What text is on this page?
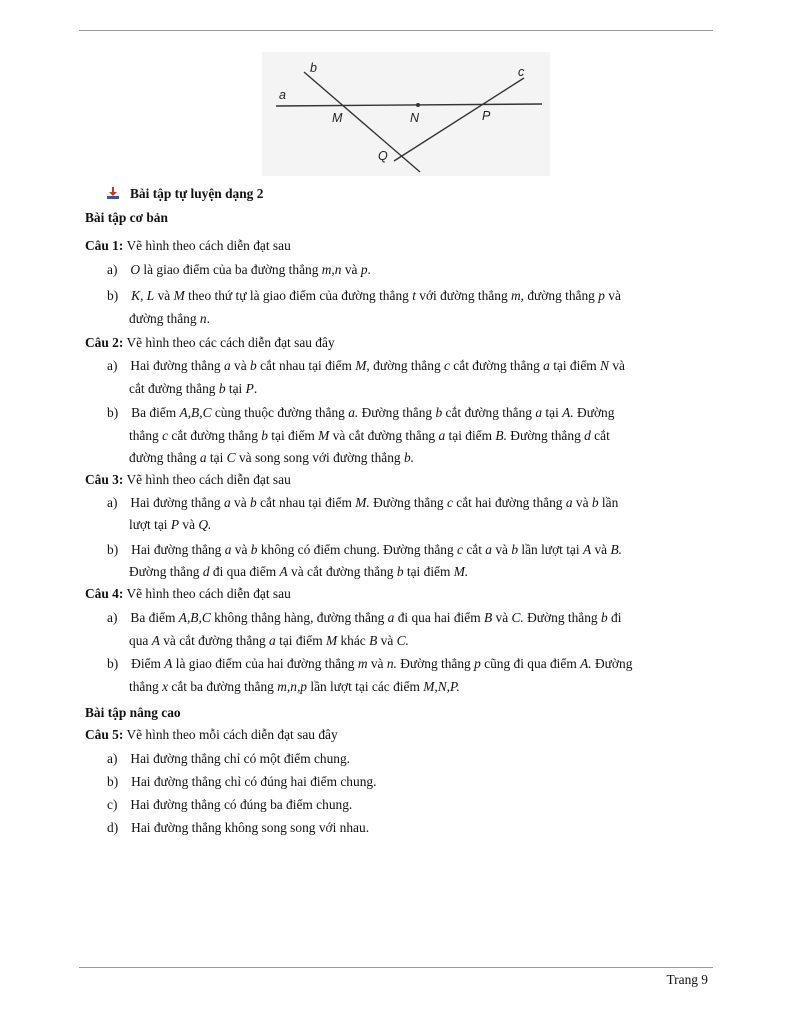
a
b	c
M	N	P
Q
Bài tập tự luyện dạng 2
Bài tập cơ bản
Câu 1: Vẽ hình theo cách diễn đạt sau
a) O là giao điểm của ba đường thẳng m,n và p.
b) K, L và M theo thứ tự là giao điểm của đường thẳng t với đường thẳng m, đường thẳng p và
đường thẳng n.
Câu 2: Vẽ hình theo các cách diễn đạt sau đây
a) Hai đường thẳng a và b cắt nhau tại điểm M, đường thẳng c cắt đường thẳng a tại điểm N và
cắt đường thẳng b tại P.
b) Ba điểm A,B,C cùng thuộc đường thẳng a. Đường thẳng b cắt đường thẳng a tại A. Đường
thẳng c cắt đường thẳng b tại điểm M và cắt đường thẳng a tại điểm B. Đường thẳng d cắt
đường thẳng a tại C và song song với đường thẳng b.
Câu 3: Vẽ hình theo cách diễn đạt sau
a) Hai đường thẳng a và b cắt nhau tại điểm M. Đường thẳng c cắt hai đường thẳng a và b lần
lượt tại P và Q.
b) Hai đường thẳng a và b không có điểm chung. Đường thẳng c cắt a và b lần lượt tại A và B.
Đường thẳng d đi qua điểm A và cắt đường thẳng b tại điểm M.
Câu 4: Vẽ hình theo cách diễn đạt sau
a) Ba điểm A,B,C không thẳng hàng, đường thẳng a đi qua hai điểm B và C. Đường thẳng b đi
qua A và cắt đường thẳng a tại điểm M khác B và C.
b) Điểm A là giao điểm của hai đường thẳng m và n. Đường thẳng p cũng đi qua điểm A. Đường
thẳng x cắt ba đường thẳng m,n,p lần lượt tại các điểm M,N,P.
Bài tập nâng cao
Câu 5: Vẽ hình theo mỗi cách diễn đạt sau đây
a) Hai đường thẳng chỉ có một điểm chung.
b) Hai đường thẳng chỉ có đúng hai điểm chung.
c) Hai đường thẳng có đúng ba điểm chung.
d) Hai đường thẳng không song song với nhau.
Trang 9
